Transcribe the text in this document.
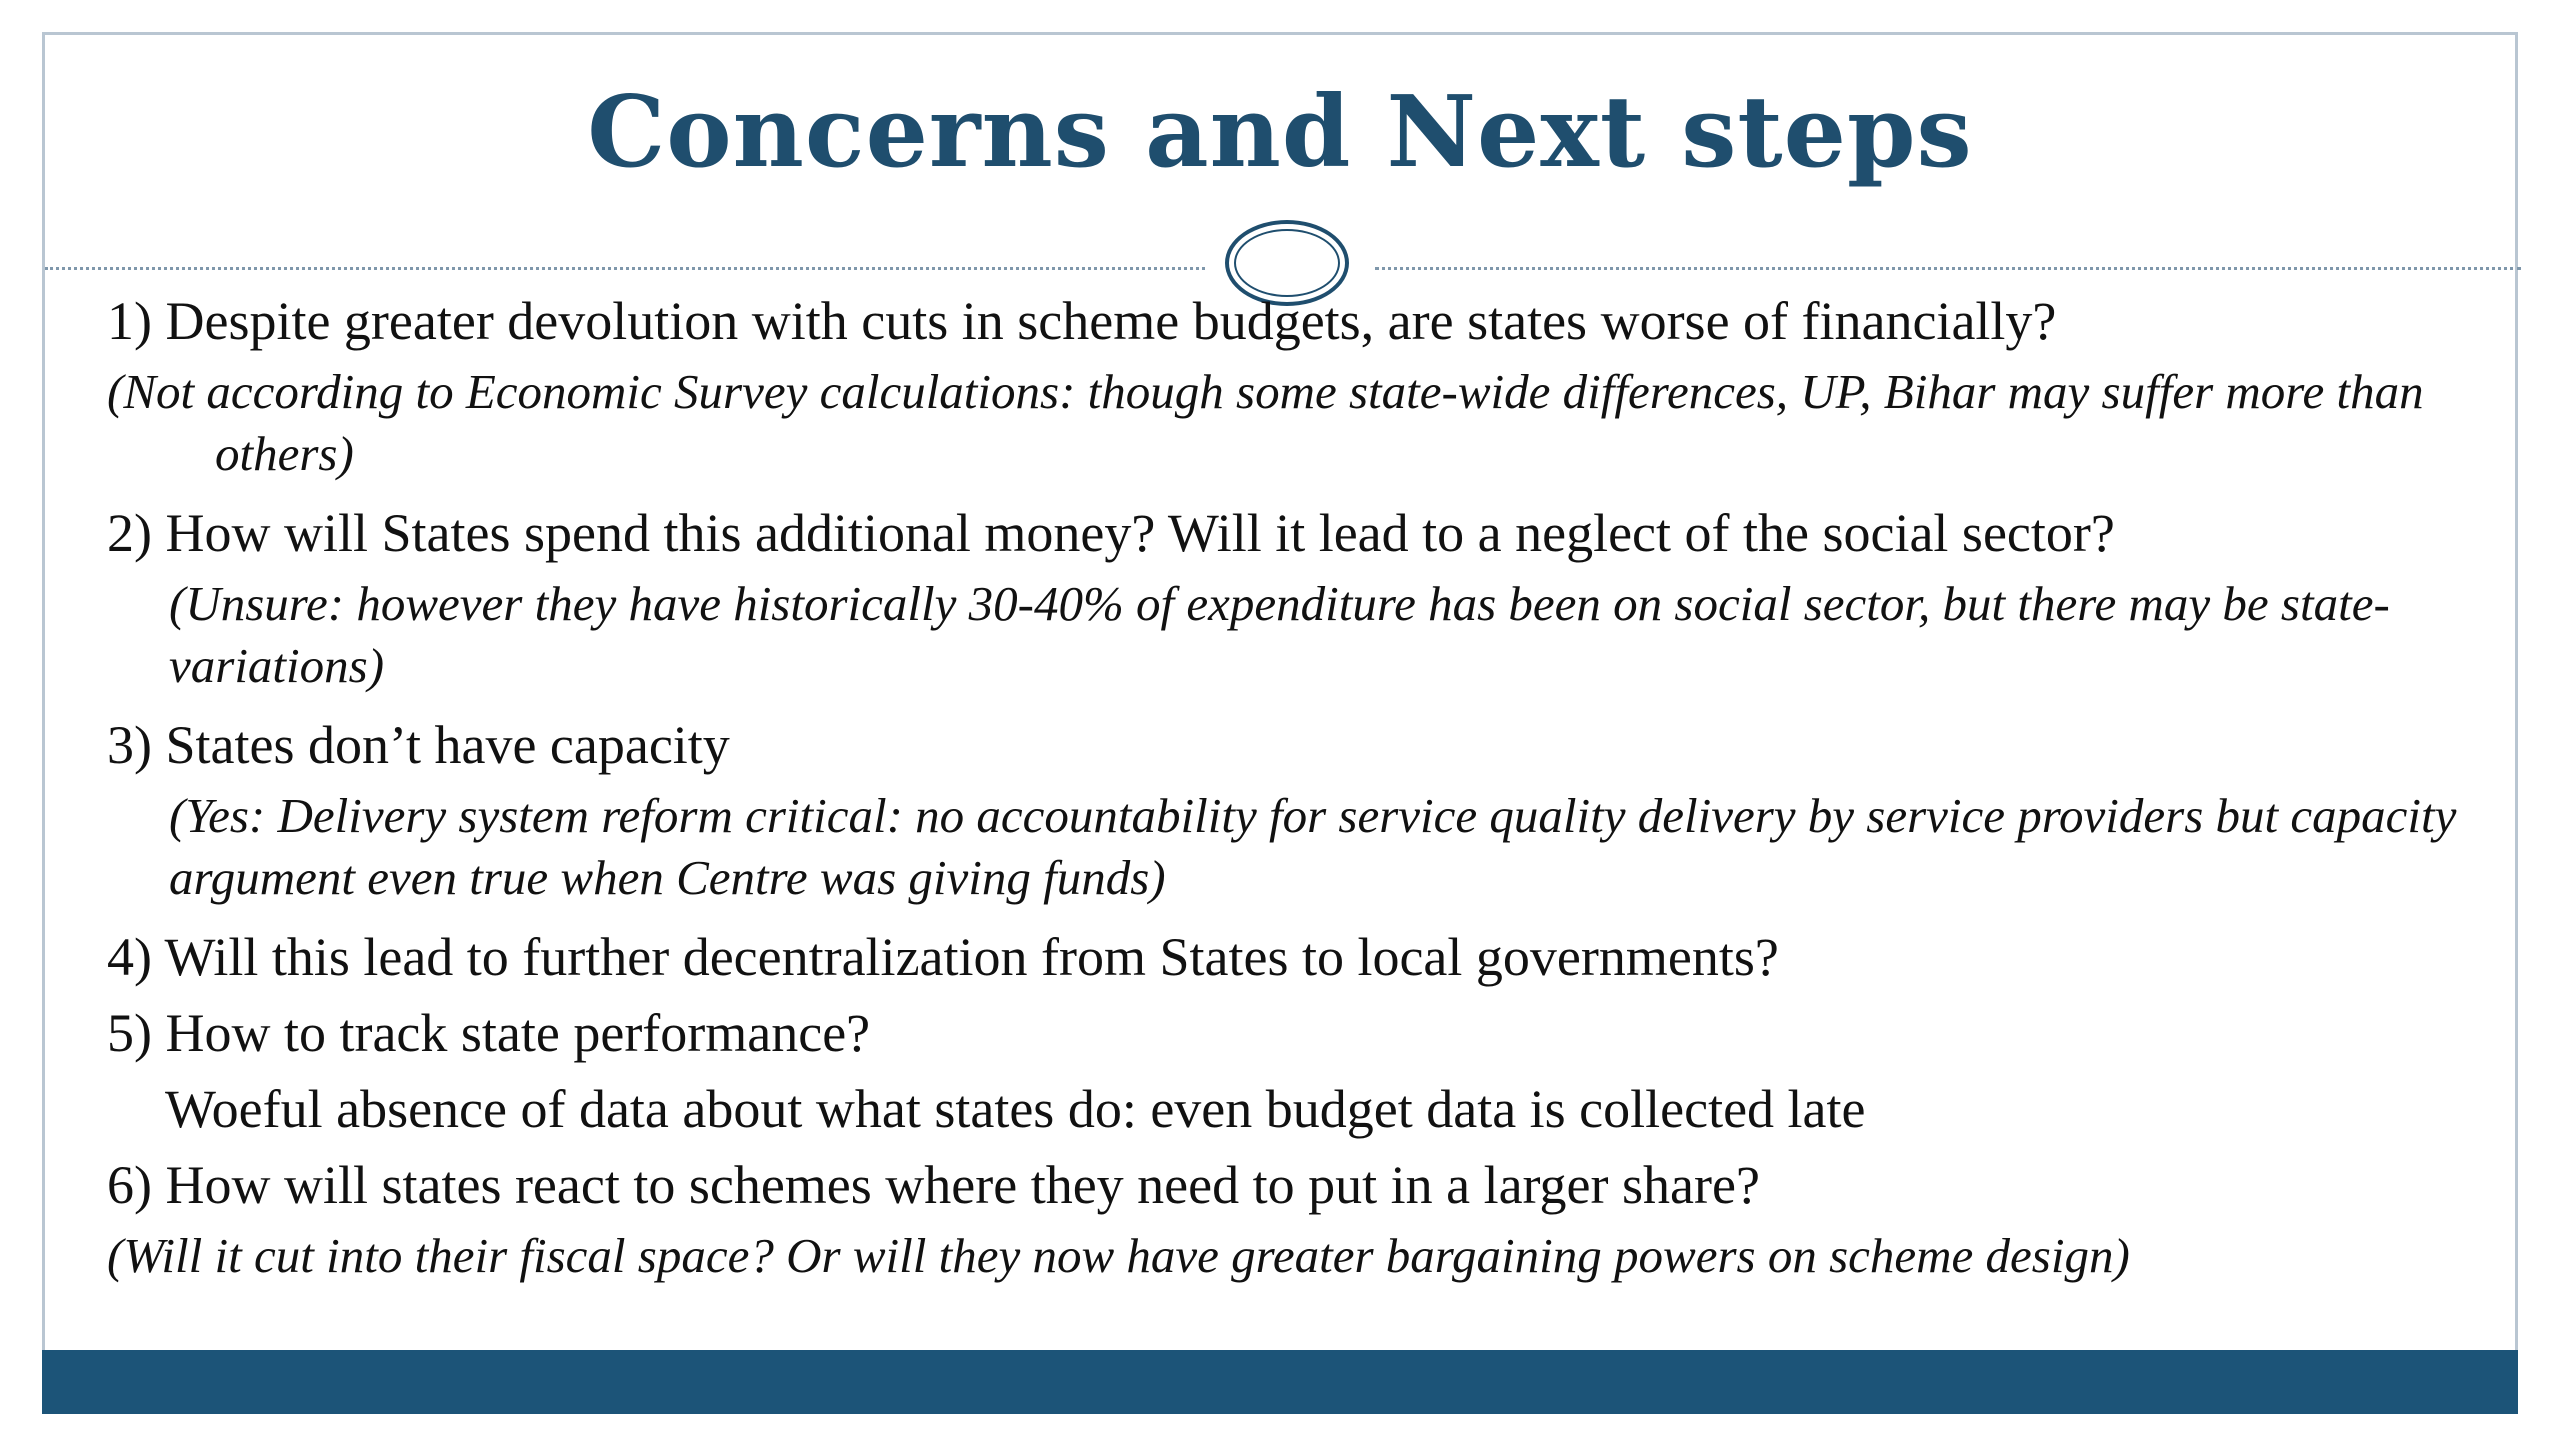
Concerns and Next steps
1) Despite greater devolution with cuts in scheme budgets, are states worse of financially?
(Not according to Economic Survey calculations: though some state-wide differences, UP, Bihar may suffer more than others)
2) How will States spend this additional money? Will it lead to a neglect of the social sector?
(Unsure: however they have historically 30-40% of expenditure has been on social sector, but there may be state- variations)
3) States don’t have capacity
(Yes: Delivery system reform critical: no accountability for service quality delivery by service providers but capacity argument even true when Centre was giving funds)
4) Will this lead to further decentralization from States to local governments?
5) How to track state performance?
Woeful absence of data about what states do: even budget data is collected late
6) How will states react to schemes where they need to put in a larger share?
(Will it cut into their fiscal space? Or will they now have greater bargaining powers on scheme design)
